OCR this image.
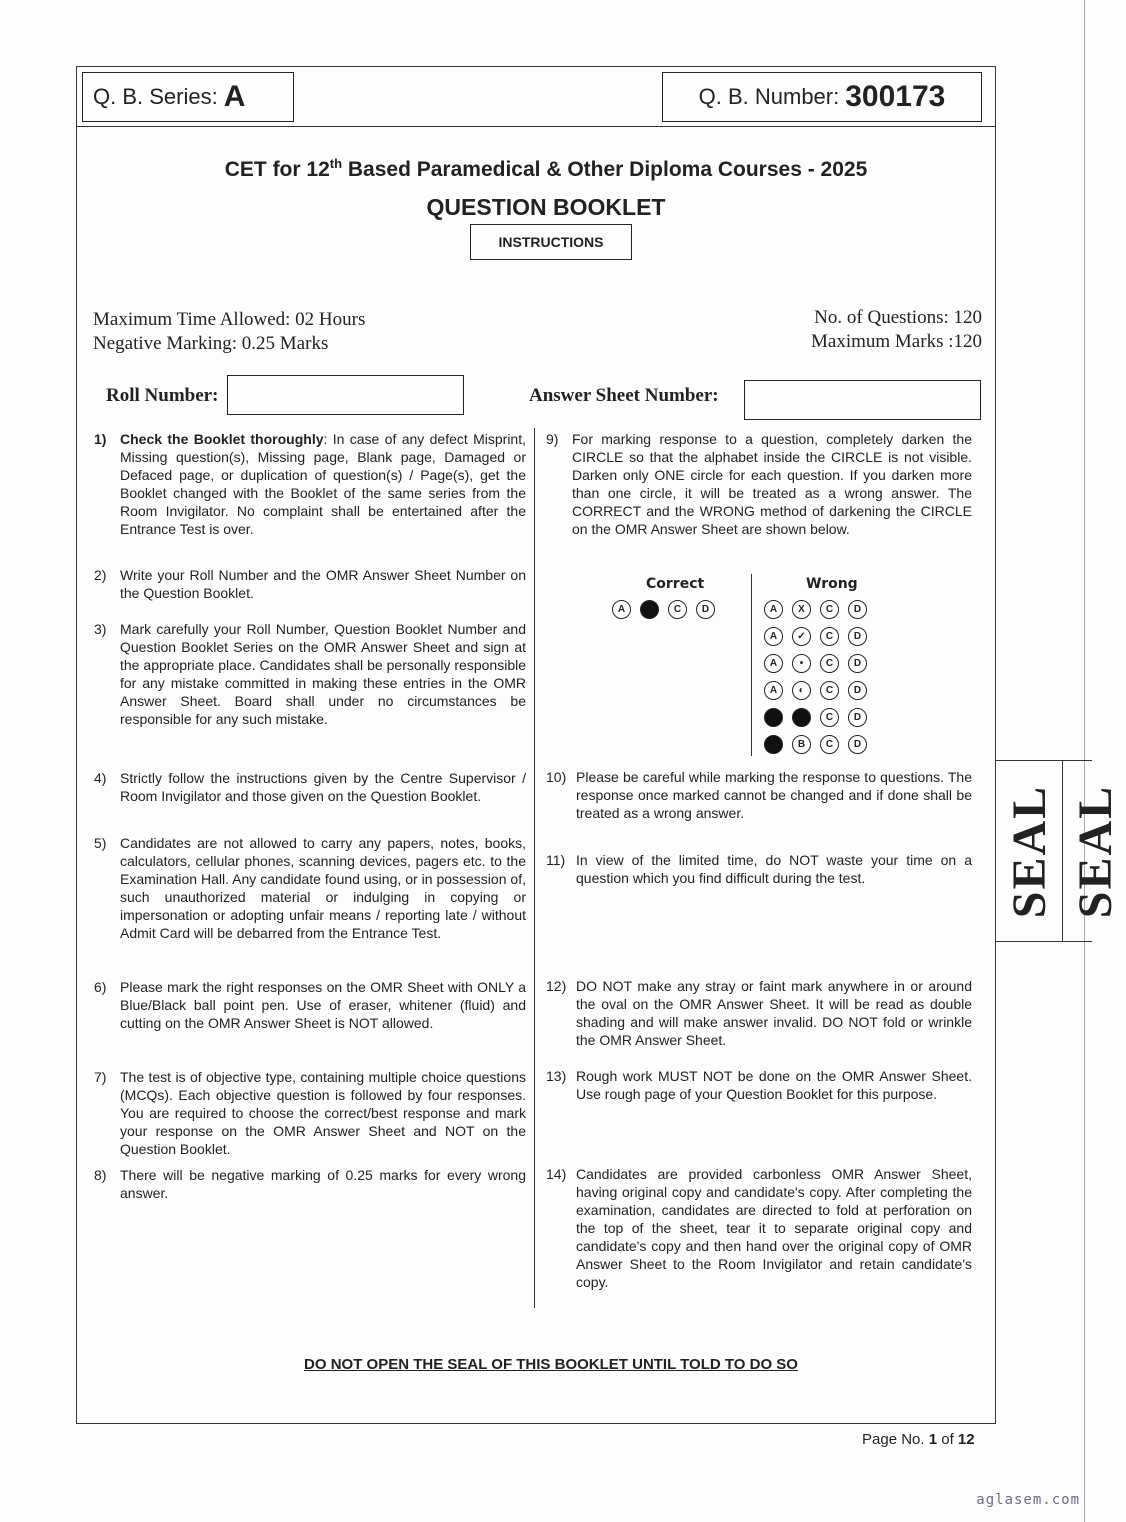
Q. B. Series: A	Q. B. Number: 300173
CET for 12th Based Paramedical & Other Diploma Courses - 2025
QUESTION BOOKLET
INSTRUCTIONS
Maximum Time Allowed: 02 Hours
Negative Marking: 0.25 Marks
No. of Questions: 120
Maximum Marks :120
Roll Number:	Answer Sheet Number:
1) Check the Booklet thoroughly: In case of any defect Misprint, Missing question(s), Missing page, Blank page, Damaged or Defaced page, or duplication of question(s) / Page(s), get the Booklet changed with the Booklet of the same series from the Room Invigilator. No complaint shall be entertained after the Entrance Test is over.
2) Write your Roll Number and the OMR Answer Sheet Number on the Question Booklet.
3) Mark carefully your Roll Number, Question Booklet Number and Question Booklet Series on the OMR Answer Sheet and sign at the appropriate place. Candidates shall be personally responsible for any mistake committed in making these entries in the OMR Answer Sheet. Board shall under no circumstances be responsible for any such mistake.
4) Strictly follow the instructions given by the Centre Supervisor / Room Invigilator and those given on the Question Booklet.
5) Candidates are not allowed to carry any papers, notes, books, calculators, cellular phones, scanning devices, pagers etc. to the Examination Hall. Any candidate found using, or in possession of, such unauthorized material or indulging in copying or impersonation or adopting unfair means / reporting late / without Admit Card will be debarred from the Entrance Test.
6) Please mark the right responses on the OMR Sheet with ONLY a Blue/Black ball point pen. Use of eraser, whitener (fluid) and cutting on the OMR Answer Sheet is NOT allowed.
7) The test is of objective type, containing multiple choice questions (MCQs). Each objective question is followed by four responses. You are required to choose the correct/best response and mark your response on the OMR Answer Sheet and NOT on the Question Booklet.
8) There will be negative marking of 0.25 marks for every wrong answer.
9) For marking response to a question, completely darken the CIRCLE so that the alphabet inside the CIRCLE is not visible. Darken only ONE circle for each question. If you darken more than one circle, it will be treated as a wrong answer. The CORRECT and the WRONG method of darkening the CIRCLE on the OMR Answer Sheet are shown below.
Correct	Wrong
A	C	D	A	X	C	D
A	✓	C	D
A	•	C	D
A	◐	C	D
C	D
B	C	D
10) Please be careful while marking the response to questions. The response once marked cannot be changed and if done shall be treated as a wrong answer.
11) In view of the limited time, do NOT waste your time on a question which you find difficult during the test.
12) DO NOT make any stray or faint mark anywhere in or around the oval on the OMR Answer Sheet. It will be read as double shading and will make answer invalid. DO NOT fold or wrinkle the OMR Answer Sheet.
13) Rough work MUST NOT be done on the OMR Answer Sheet. Use rough page of your Question Booklet for this purpose.
14) Candidates are provided carbonless OMR Answer Sheet, having original copy and candidate's copy. After completing the examination, candidates are directed to fold at perforation on the top of the sheet, tear it to separate original copy and candidate's copy and then hand over the original copy of OMR Answer Sheet to the Room Invigilator and retain candidate's copy.
DO NOT OPEN THE SEAL OF THIS BOOKLET UNTIL TOLD TO DO SO
Page No. 1 of 12
aglasem.com
SEAL SEAL
